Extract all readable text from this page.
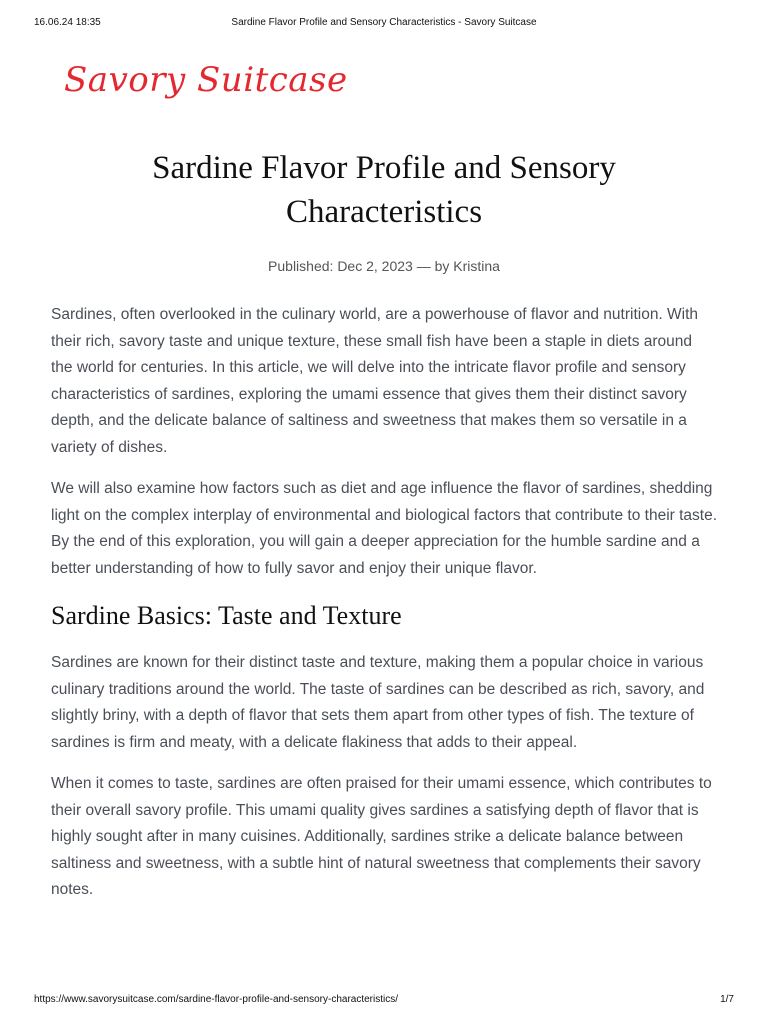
16.06.24 18:35	Sardine Flavor Profile and Sensory Characteristics - Savory Suitcase
Savory Suitcase
Sardine Flavor Profile and Sensory Characteristics
Published: Dec 2, 2023 — by Kristina

Sardines, often overlooked in the culinary world, are a powerhouse of flavor and nutrition. With their rich, savory taste and unique texture, these small fish have been a staple in diets around the world for centuries. In this article, we will delve into the intricate flavor profile and sensory characteristics of sardines, exploring the umami essence that gives them their distinct savory depth, and the delicate balance of saltiness and sweetness that makes them so versatile in a variety of dishes.

We will also examine how factors such as diet and age influence the flavor of sardines, shedding light on the complex interplay of environmental and biological factors that contribute to their taste. By the end of this exploration, you will gain a deeper appreciation for the humble sardine and a better understanding of how to fully savor and enjoy their unique flavor.

Sardine Basics: Taste and Texture

Sardines are known for their distinct taste and texture, making them a popular choice in various culinary traditions around the world. The taste of sardines can be described as rich, savory, and slightly briny, with a depth of flavor that sets them apart from other types of fish. The texture of sardines is firm and meaty, with a delicate flakiness that adds to their appeal.

When it comes to taste, sardines are often praised for their umami essence, which contributes to their overall savory profile. This umami quality gives sardines a satisfying depth of flavor that is highly sought after in many cuisines. Additionally, sardines strike a delicate balance between saltiness and sweetness, with a subtle hint of natural sweetness that complements their savory notes.

https://www.savorysuitcase.com/sardine-flavor-profile-and-sensory-characteristics/	1/7
